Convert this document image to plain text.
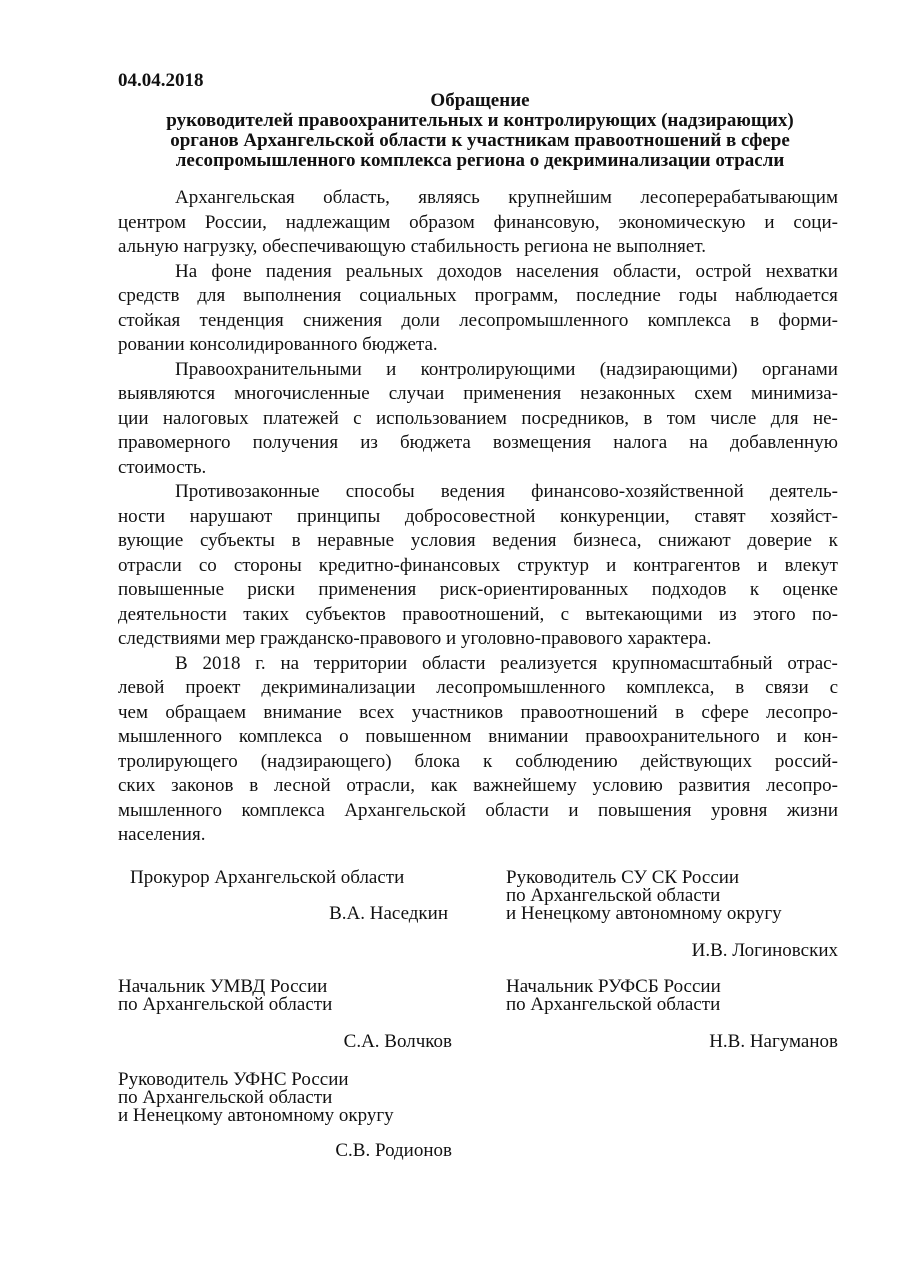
04.04.2018
Обращение
руководителей правоохранительных и контролирующих (надзирающих)
органов Архангельской области к участникам правоотношений в сфере
лесопромышленного комплекса региона о декриминализации отрасли
Архангельская область, являясь крупнейшим лесоперерабатывающим
центром России, надлежащим образом финансовую, экономическую и соци-
альную нагрузку, обеспечивающую стабильность региона не выполняет.
На фоне падения реальных доходов населения области, острой нехватки
средств для выполнения социальных программ, последние годы наблюдается
стойкая тенденция снижения доли лесопромышленного комплекса в форми-
ровании консолидированного бюджета.
Правоохранительными и контролирующими (надзирающими) органами
выявляются многочисленные случаи применения незаконных схем минимиза-
ции налоговых платежей с использованием посредников, в том числе для не-
правомерного получения из бюджета возмещения налога на добавленную
стоимость.
Противозаконные способы ведения финансово-хозяйственной деятель-
ности нарушают принципы добросовестной конкуренции, ставят хозяйст-
вующие субъекты в неравные условия ведения бизнеса, снижают доверие к
отрасли со стороны кредитно-финансовых структур и контрагентов и влекут
повышенные риски применения риск-ориентированных подходов к оценке
деятельности таких субъектов правоотношений, с вытекающими из этого по-
следствиями мер гражданско-правового и уголовно-правового характера.
В 2018 г. на территории области реализуется крупномасштабный отрас-
левой проект декриминализации лесопромышленного комплекса, в связи с
чем обращаем внимание всех участников правоотношений в сфере лесопро-
мышленного комплекса о повышенном внимании правоохранительного и кон-
тролирующего (надзирающего) блока к соблюдению действующих россий-
ских законов в лесной отрасли, как важнейшему условию развития лесопро-
мышленного комплекса Архангельской области и повышения уровня жизни
населения.
Прокурор Архангельской области
В.А. Наседкин
Руководитель СУ СК России
по Архангельской области
и Ненецкому автономному округу
И.В. Логиновских
Начальник УМВД России
по Архангельской области
С.А. Волчков
Начальник РУФСБ России
по Архангельской области
Н.В. Нагуманов
Руководитель УФНС России
по Архангельской области
и Ненецкому автономному округу
С.В. Родионов
